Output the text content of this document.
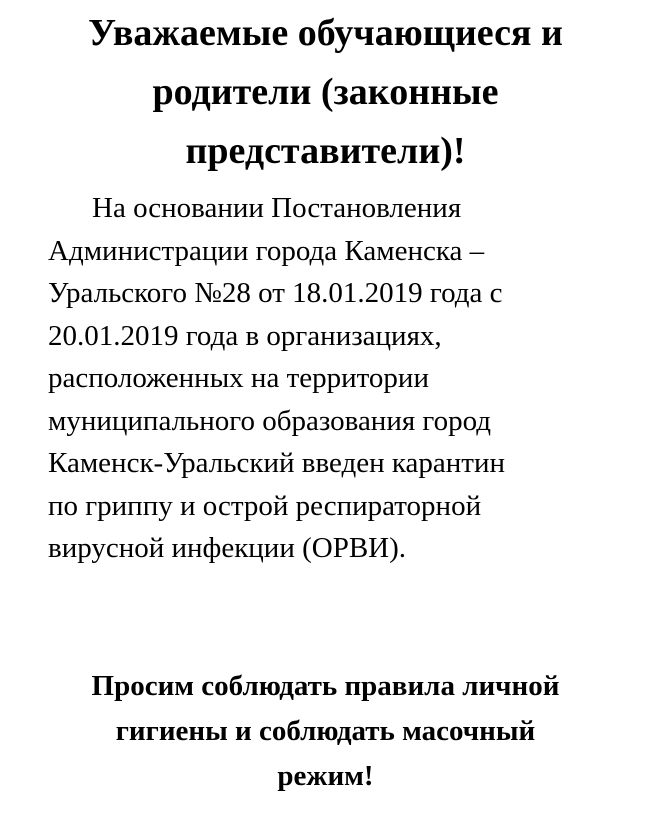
Уважаемые обучающиеся и
родители (законные
представители)!

На основании Постановления
Администрации города Каменска –
Уральского №28 от 18.01.2019 года с
20.01.2019 года в организациях,
расположенных на территории
муниципального образования город
Каменск-Уральский введен карантин
по гриппу и острой респираторной
вирусной инфекции (ОРВИ).

Просим соблюдать правила личной
гигиены и соблюдать масочный
режим!
